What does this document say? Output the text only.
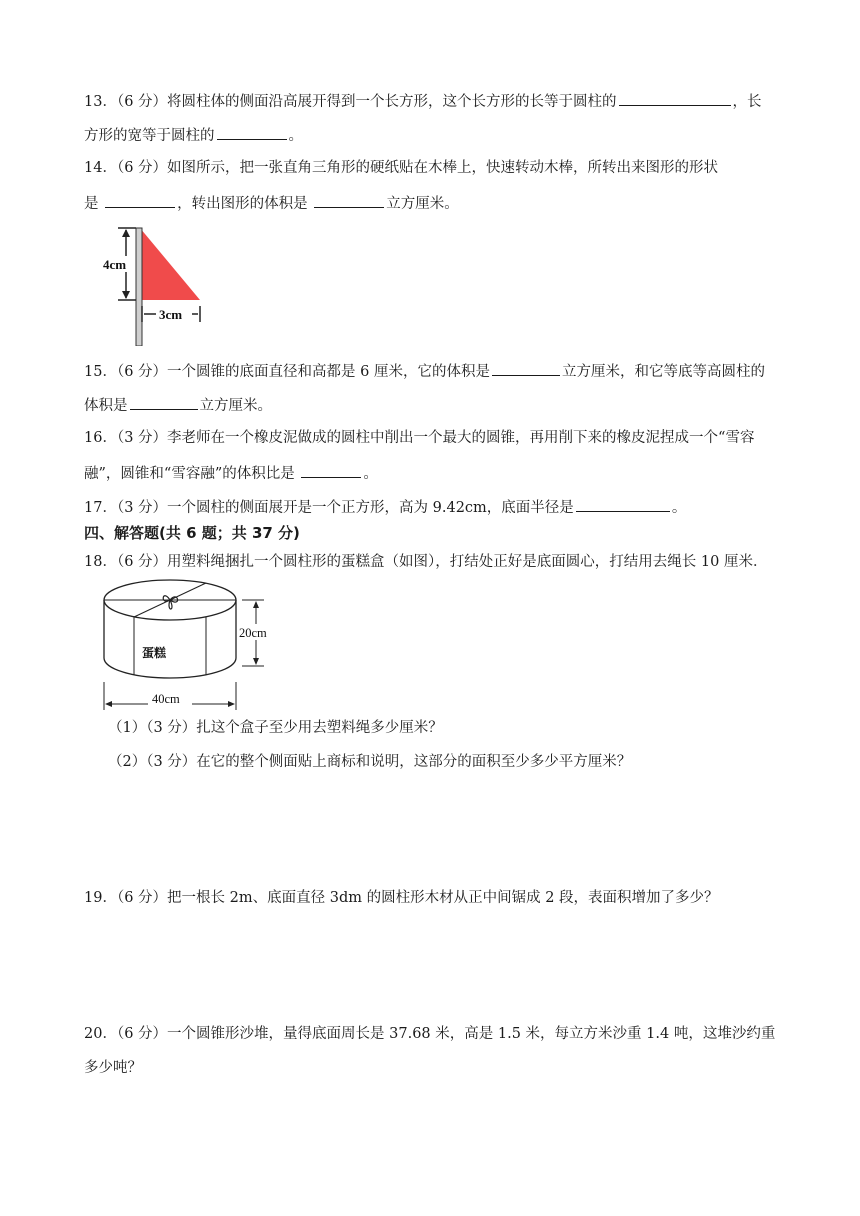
13．（6 分）将圆柱体的侧面沿高展开得到一个长方形，这个长方形的长等于圆柱的	，长
方形的宽等于圆柱的	。
14．（6 分）如图所示，把一张直角三角形的硬纸贴在木棒上，快速转动木棒，所转出来图形的形状
是	，转出图形的体积是	立方厘米。
4cm
3cm
15．（6 分）一个圆锥的底面直径和高都是 6 厘米，它的体积是	立方厘米，和它等底等高圆柱的
体积是	立方厘米。
16．（3 分）李老师在一个橡皮泥做成的圆柱中削出一个最大的圆锥，再用削下来的橡皮泥捏成一个“雪容
融”，圆锥和“雪容融”的体积比是	。
17．（3 分）一个圆柱的侧面展开是一个正方形，高为 9.42cm，底面半径是	。
四、解答题(共 6 题；共 37 分)
18．（6 分）用塑料绳捆扎一个圆柱形的蛋糕盒（如图），打结处正好是底面圆心，打结用去绳长 10 厘米．
蛋糕
20cm
40cm
（1）（3 分）扎这个盒子至少用去塑料绳多少厘米？
（2）（3 分）在它的整个侧面贴上商标和说明，这部分的面积至少多少平方厘米？
19．（6 分）把一根长 2m、底面直径 3dm 的圆柱形木材从正中间锯成 2 段，表面积增加了多少？
20．（6 分）一个圆锥形沙堆，量得底面周长是 37.68 米，高是 1.5 米，每立方米沙重 1.4 吨，这堆沙约重
多少吨？
